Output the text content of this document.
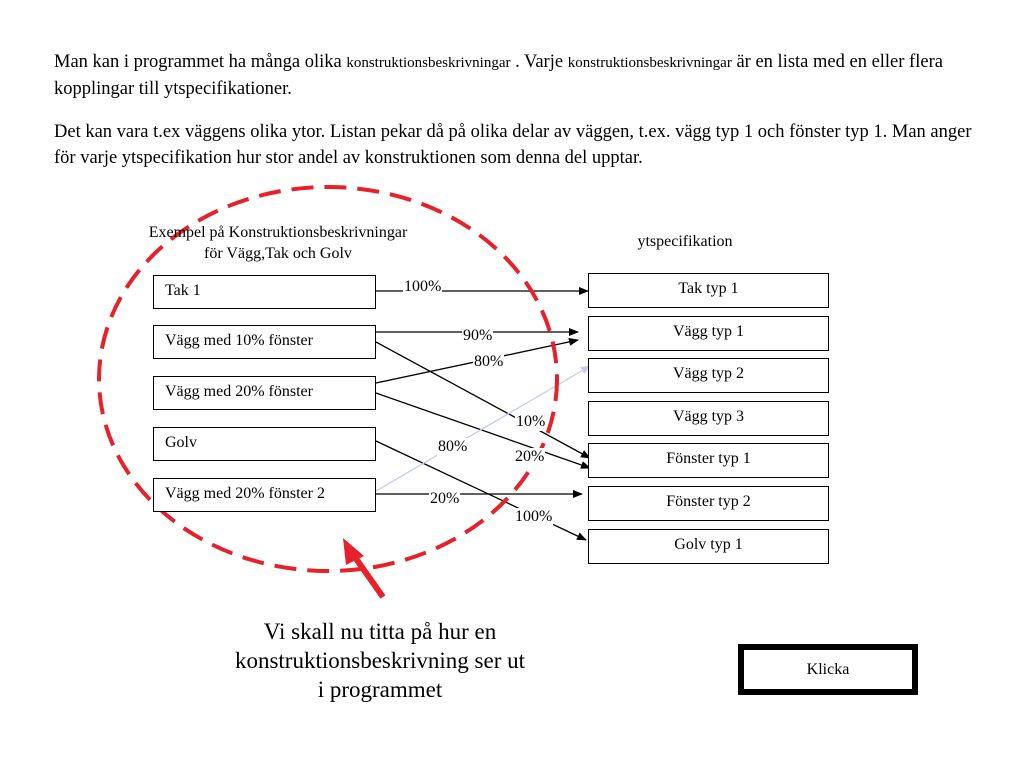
Man kan i programmet ha många olika konstruktionsbeskrivningar . Varje konstruktionsbeskrivningar är en lista med en eller flera kopplingar till ytspecifikationer.

Det kan vara t.ex väggens olika ytor. Listan pekar då på olika delar av väggen, t.ex. vägg typ 1 och fönster typ 1. Man anger för varje ytspecifikation hur stor andel av konstruktionen som denna del upptar.

Exempel på Konstruktionsbeskrivningar
för Vägg,Tak och Golv
ytspecifikation
Tak 1
Vägg med 10% fönster
Vägg med 20% fönster
Golv
Vägg med 20% fönster 2
Tak typ 1
Vägg typ 1
Vägg typ 2
Vägg typ 3
Fönster typ 1
Fönster typ 2
Golv typ 1
100%
90%
80%
10%
80%
20%
20%
100%
Vi skall nu titta på hur en
konstruktionsbeskrivning ser ut
i programmet
Klicka
